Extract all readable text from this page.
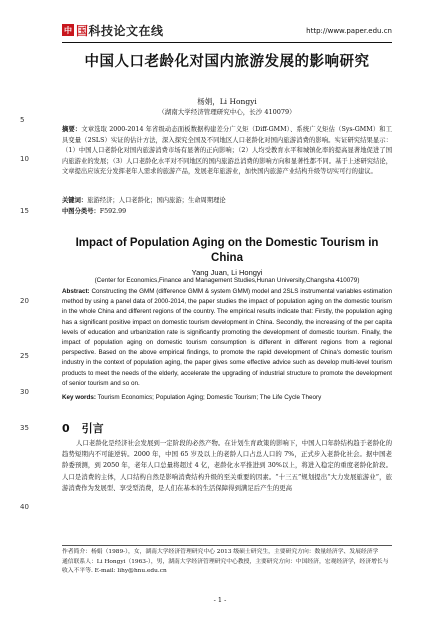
中 国科技论文在线	http://www.paper.edu.cn
中国人口老龄化对国内旅游发展的影响研究
杨娟，Li Hongyi
（湖南大学经济管理研究中心，长沙 410079）
5
10
15
20
25
30
35
40
摘要：文章选取 2000-2014 年省级动态面板数据构建差分广义矩（Diff-GMM）、系统广义矩估（Sys-GMM）和工具变量（2SLS）实证的估计方法，深入探究全国及不同地区人口老龄化对国内旅游消费的影响。实证研究结果显示：（1）中国人口老龄化对国内旅游消费市场有显著的正向影响；（2）人均受教育水平和城镇化率的提高显著地促进了国内旅游业的发展；（3）人口老龄化水平对不同地区的国内旅游总消费的影响方向和显著性都不同。基于上述研究结论，文章提出应该充分发挥老年人需求的旅游产品，发展老年旅游业，加快国内旅游产业结构升级等切实可行的建议。
关键词：旅游经济；人口老龄化；国内旅游；生命周期理论
中图分类号：F592.99
Impact of Population Aging on the Domestic Tourism in China
Yang Juan, Li Hongyi
(Center for Economics,Finance and Management Studies,Hunan University,Changsha 410079)
Abstract: Constructing the GMM (difference GMM & system GMM) model and 2SLS instrumental variables estimation method by using a panel data of 2000-2014, the paper studies the impact of population aging on the domestic tourism in the whole China and different regions of the country. The empirical results indicate that: Firstly, the population aging has a significant positive impact on domestic tourism development in China. Secondly, the increasing of the per capita levels of education and urbanization rate is significantly promoting the development of domestic tourism. Finally, the impact of population aging on domestic tourism consumption is different in different regions from a regional perspective. Based on the above empirical findings, to promote the rapid development of China's domestic tourism industry in the context of population aging, the paper gives some effective advice such as develop multi-level tourism products to meet the needs of the elderly, accelerate the upgrading of industrial structure to promote the development of senior tourism and so on.
Key words: Tourism Economics; Population Aging; Domestic Tourism; The Life Cycle Theory
0 引言
人口老龄化是经济社会发展到一定阶段的必然产物。在计划生育政策的影响下，中国人口年龄结构趋于老龄化的趋势短期内不可能逆转。2000 年，中国 65 岁及以上的老龄人口占总人口的 7%，正式步入老龄化社会。据中国老龄委预测，到 2050 年，老年人口总量将超过 4 亿，老龄化水平推进到 30%以上，将进入稳定的重度老龄化阶段。人口是消费的主体，人口结构自然是影响消费结构升级的至关重要的因素。“十三五”规划提出“大力发展旅游业”，旅游消费作为发展型、享受型消费，是人们在基本的生活保障得到满足后产生的更高

作者简介：杨娟（1989-），女，湖南大学经济管理研究中心 2013 级硕士研究生，主要研究方向：数量经济学、发展经济学

通信联系人：Li Hongyi（1963-），男，湖南大学经济管理研究中心教授，主要研究方向：中国经济，宏观经济学，经济增长与收入不平等. E-mail: lihy@hnu.edu.cn

- 1 -
